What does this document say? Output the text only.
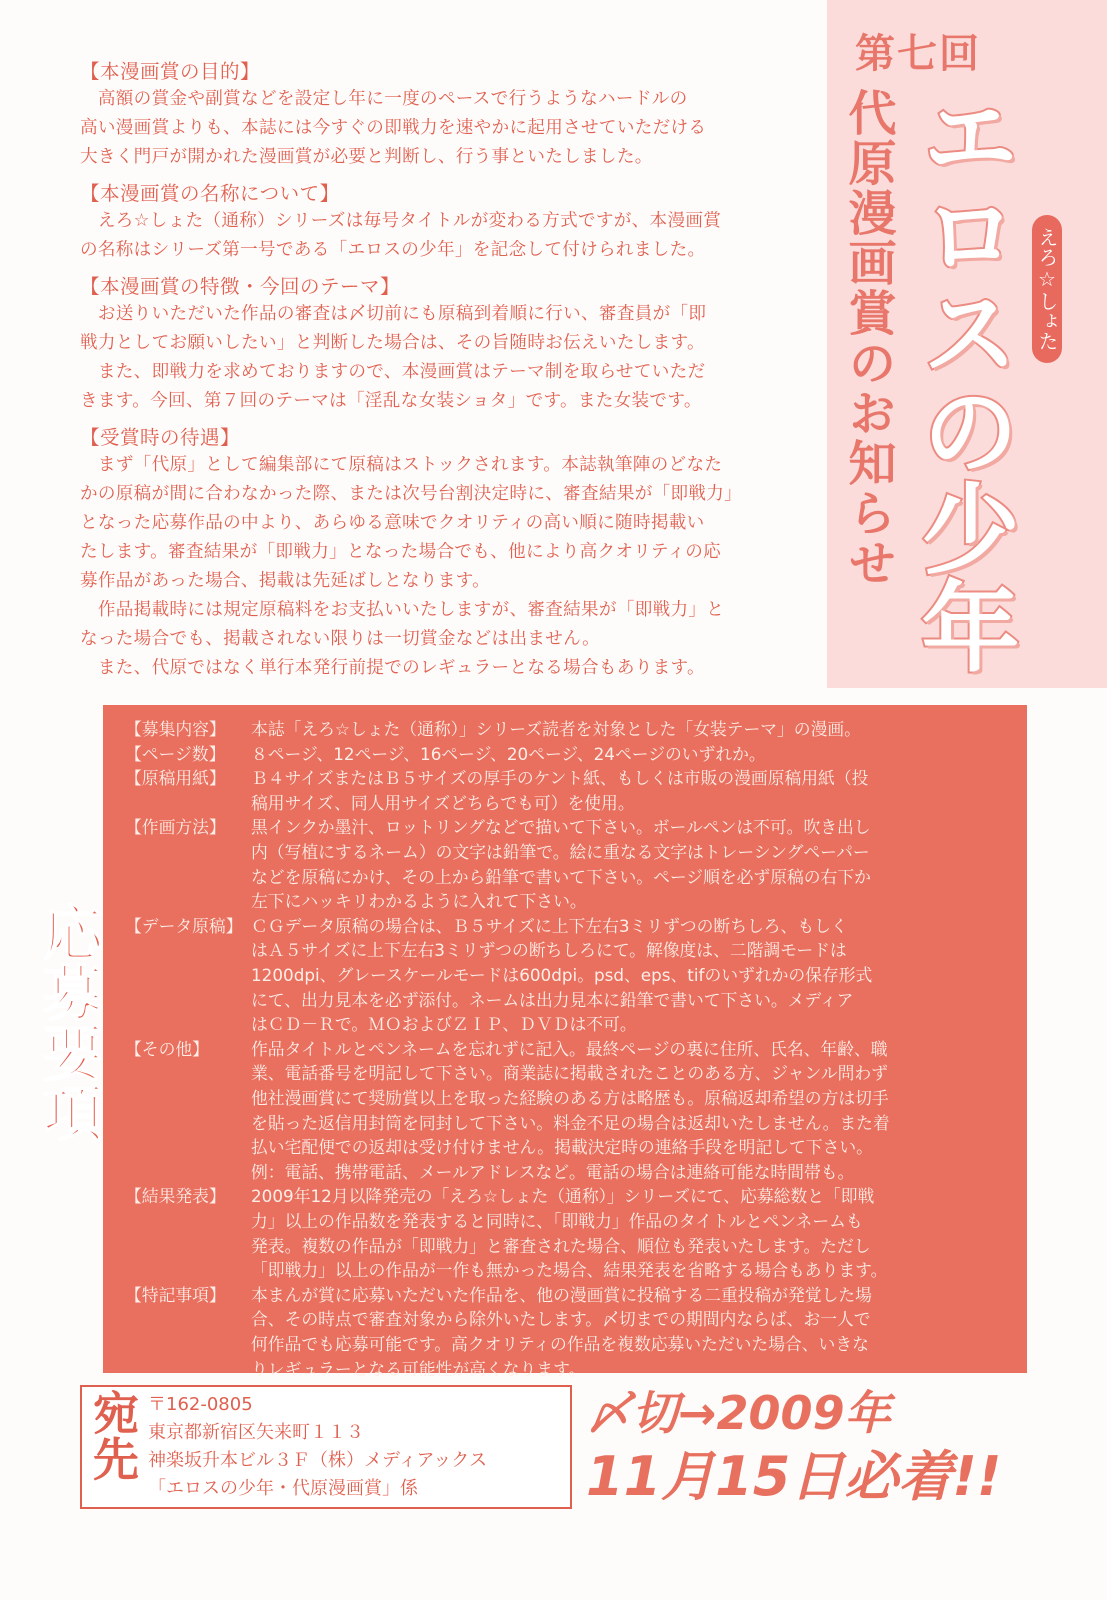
【本漫画賞の目的】
　高額の賞金や副賞などを設定し年に一度のペースで行うようなハードルの
高い漫画賞よりも、本誌には今すぐの即戦力を速やかに起用させていただける
大きく門戸が開かれた漫画賞が必要と判断し、行う事といたしました。
【本漫画賞の名称について】
　えろ☆しょた（通称）シリーズは毎号タイトルが変わる方式ですが、本漫画賞
の名称はシリーズ第一号である「エロスの少年」を記念して付けられました。
【本漫画賞の特徴・今回のテーマ】
　お送りいただいた作品の審査は〆切前にも原稿到着順に行い、審査員が「即
戦力としてお願いしたい」と判断した場合は、その旨随時お伝えいたします。
　また、即戦力を求めておりますので、本漫画賞はテーマ制を取らせていただ
きます。今回、第７回のテーマは「淫乱な女装ショタ」です。また女装です。
【受賞時の待遇】
　まず「代原」として編集部にて原稿はストックされます。本誌執筆陣のどなた
かの原稿が間に合わなかった際、または次号台割決定時に、審査結果が「即戦力」
となった応募作品の中より、あらゆる意味でクオリティの高い順に随時掲載い
たします。審査結果が「即戦力」となった場合でも、他により高クオリティの応
募作品があった場合、掲載は先延ばしとなります。
　作品掲載時には規定原稿料をお支払いいたしますが、審査結果が「即戦力」と
なった場合でも、掲載されない限りは一切賞金などは出ません。
　また、代原ではなく単行本発行前提でのレギュラーとなる場合もあります。
第七回
代原漫画賞のお知らせ エロスの少年 えろ☆しょた
【募集内容】 本誌「えろ☆しょた（通称）」シリーズ読者を対象とした「女装テーマ」の漫画。
【ページ数】 ８ページ、12ページ、16ページ、20ページ、24ページのいずれか。
【原稿用紙】 Ｂ４サイズまたはＢ５サイズの厚手のケント紙、もしくは市販の漫画原稿用紙（投
稿用サイズ、同人用サイズどちらでも可）を使用。
【作画方法】 黒インクか墨汁、ロットリングなどで描いて下さい。ボールペンは不可。吹き出し
内（写植にするネーム）の文字は鉛筆で。絵に重なる文字はトレーシングペーパー
などを原稿にかけ、その上から鉛筆で書いて下さい。ページ順を必ず原稿の右下か
左下にハッキリわかるように入れて下さい。
【データ原稿】 ＣＧデータ原稿の場合は、Ｂ５サイズに上下左右3ミリずつの断ちしろ、もしく
はＡ５サイズに上下左右3ミリずつの断ちしろにて。解像度は、二階調モードは
1200dpi、グレースケールモードは600dpi。psd、eps、tifのいずれかの保存形式
にて、出力見本を必ず添付。ネームは出力見本に鉛筆で書いて下さい。メディア
はＣＤ－Ｒで。ＭＯおよびＺＩＰ、ＤＶＤは不可。
【その他】	作品タイトルとペンネームを忘れずに記入。最終ページの裏に住所、氏名、年齢、職
業、電話番号を明記して下さい。商業誌に掲載されたことのある方、ジャンル問わず
他社漫画賞にて奨励賞以上を取った経験のある方は略歴も。原稿返却希望の方は切手
を貼った返信用封筒を同封して下さい。料金不足の場合は返却いたしません。また着
払い宅配便での返却は受け付けません。掲載決定時の連絡手段を明記して下さい。
例：電話、携帯電話、メールアドレスなど。電話の場合は連絡可能な時間帯も。
【結果発表】 2009年12月以降発売の「えろ☆しょた（通称）」シリーズにて、応募総数と「即戦
力」以上の作品数を発表すると同時に、「即戦力」作品のタイトルとペンネームも
発表。複数の作品が「即戦力」と審査された場合、順位も発表いたします。ただし
「即戦力」以上の作品が一作も無かった場合、結果発表を省略する場合もあります。
【特記事項】 本まんが賞に応募いただいた作品を、他の漫画賞に投稿する二重投稿が発覚した場
合、その時点で審査対象から除外いたします。〆切までの期間内ならば、お一人で
何作品でも応募可能です。高クオリティの作品を複数応募いただいた場合、いきな
りレギュラーとなる可能性が高くなります。
応募要項
宛先 〒162-0805
東京都新宿区矢来町１１３
神楽坂升本ビル３Ｆ（株）メディアックス
「エロスの少年・代原漫画賞」係
〆切→2009年
11月15日必着!!
